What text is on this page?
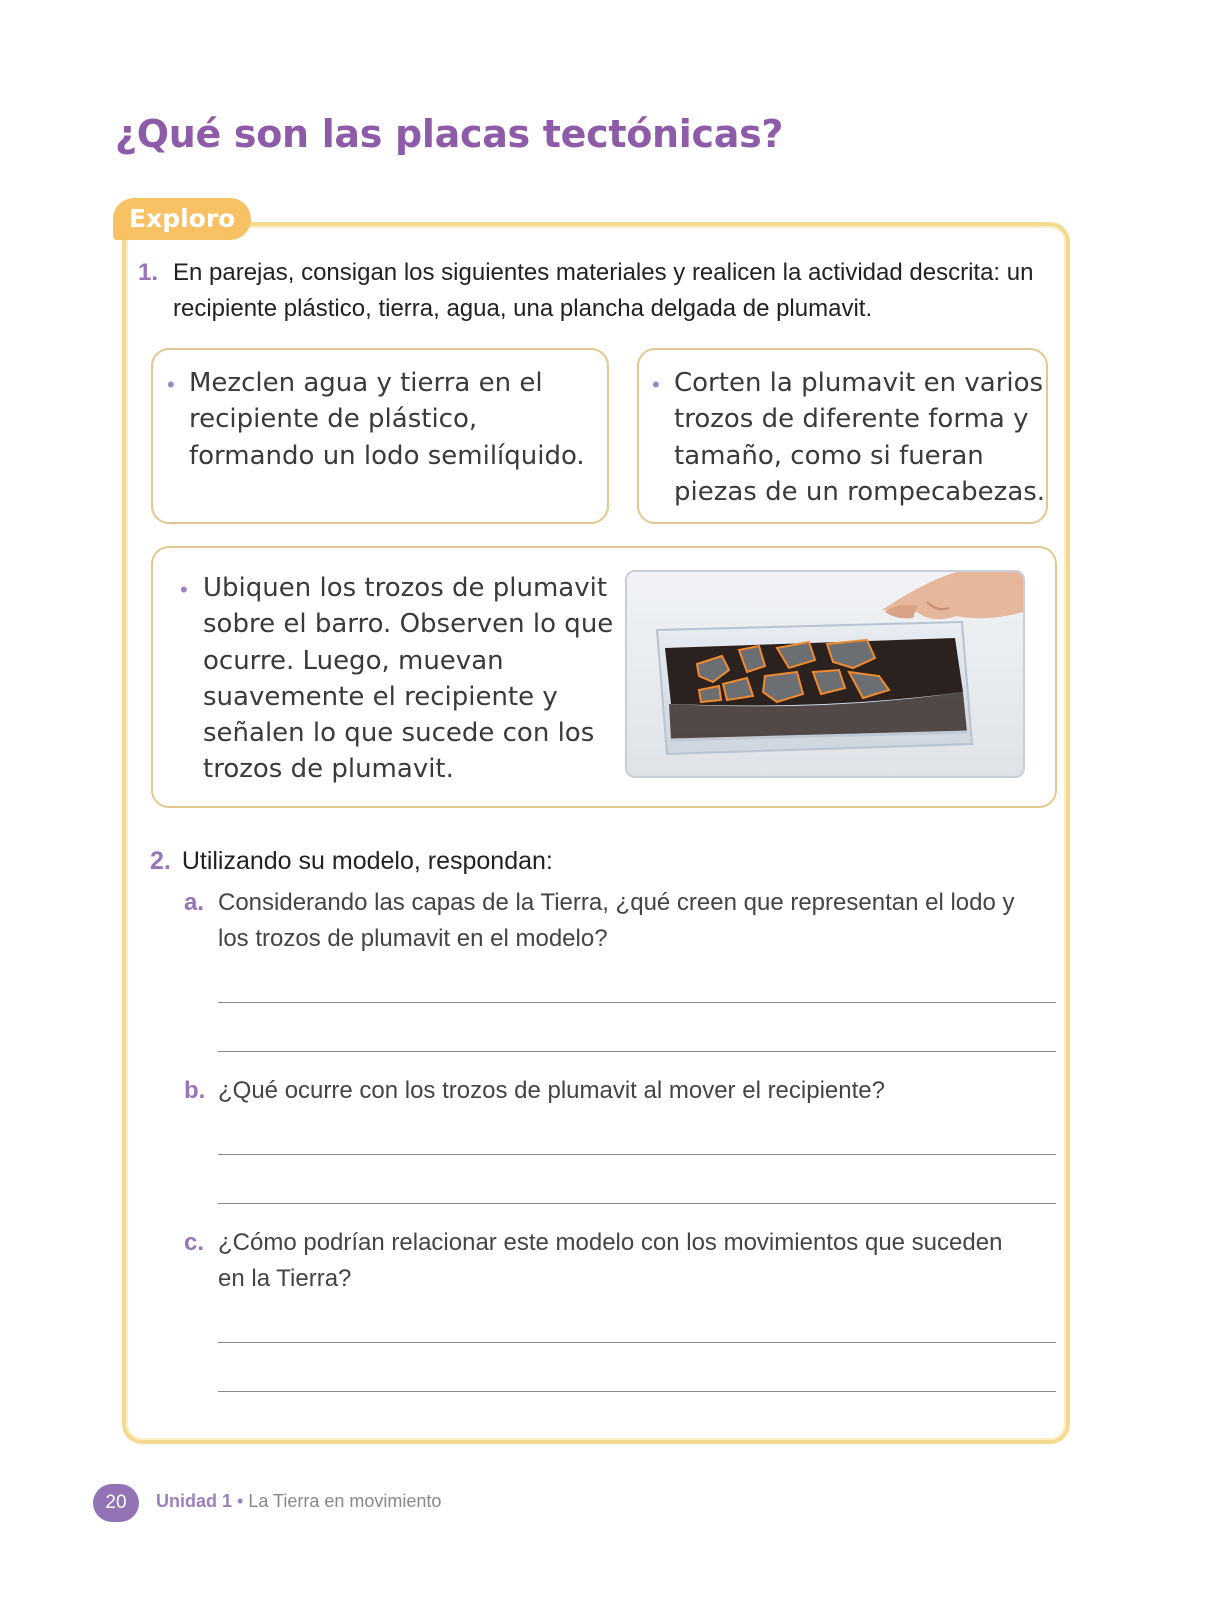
¿Qué son las placas tectónicas?
Exploro
1. En parejas, consigan los siguientes materiales y realicen la actividad descrita: un recipiente plástico, tierra, agua, una plancha delgada de plumavit.
• Mezclen agua y tierra en el recipiente de plástico, formando un lodo semilíquido.
• Corten la plumavit en varios trozos de diferente forma y tamaño, como si fueran piezas de un rompecabezas.
• Ubiquen los trozos de plumavit sobre el barro. Observen lo que ocurre. Luego, muevan suavemente el recipiente y señalen lo que sucede con los trozos de plumavit.
2. Utilizando su modelo, respondan:
a. Considerando las capas de la Tierra, ¿qué creen que representan el lodo y los trozos de plumavit en el modelo?
b. ¿Qué ocurre con los trozos de plumavit al mover el recipiente?
c. ¿Cómo podrían relacionar este modelo con los movimientos que suceden en la Tierra?
20	Unidad 1 • La Tierra en movimiento
